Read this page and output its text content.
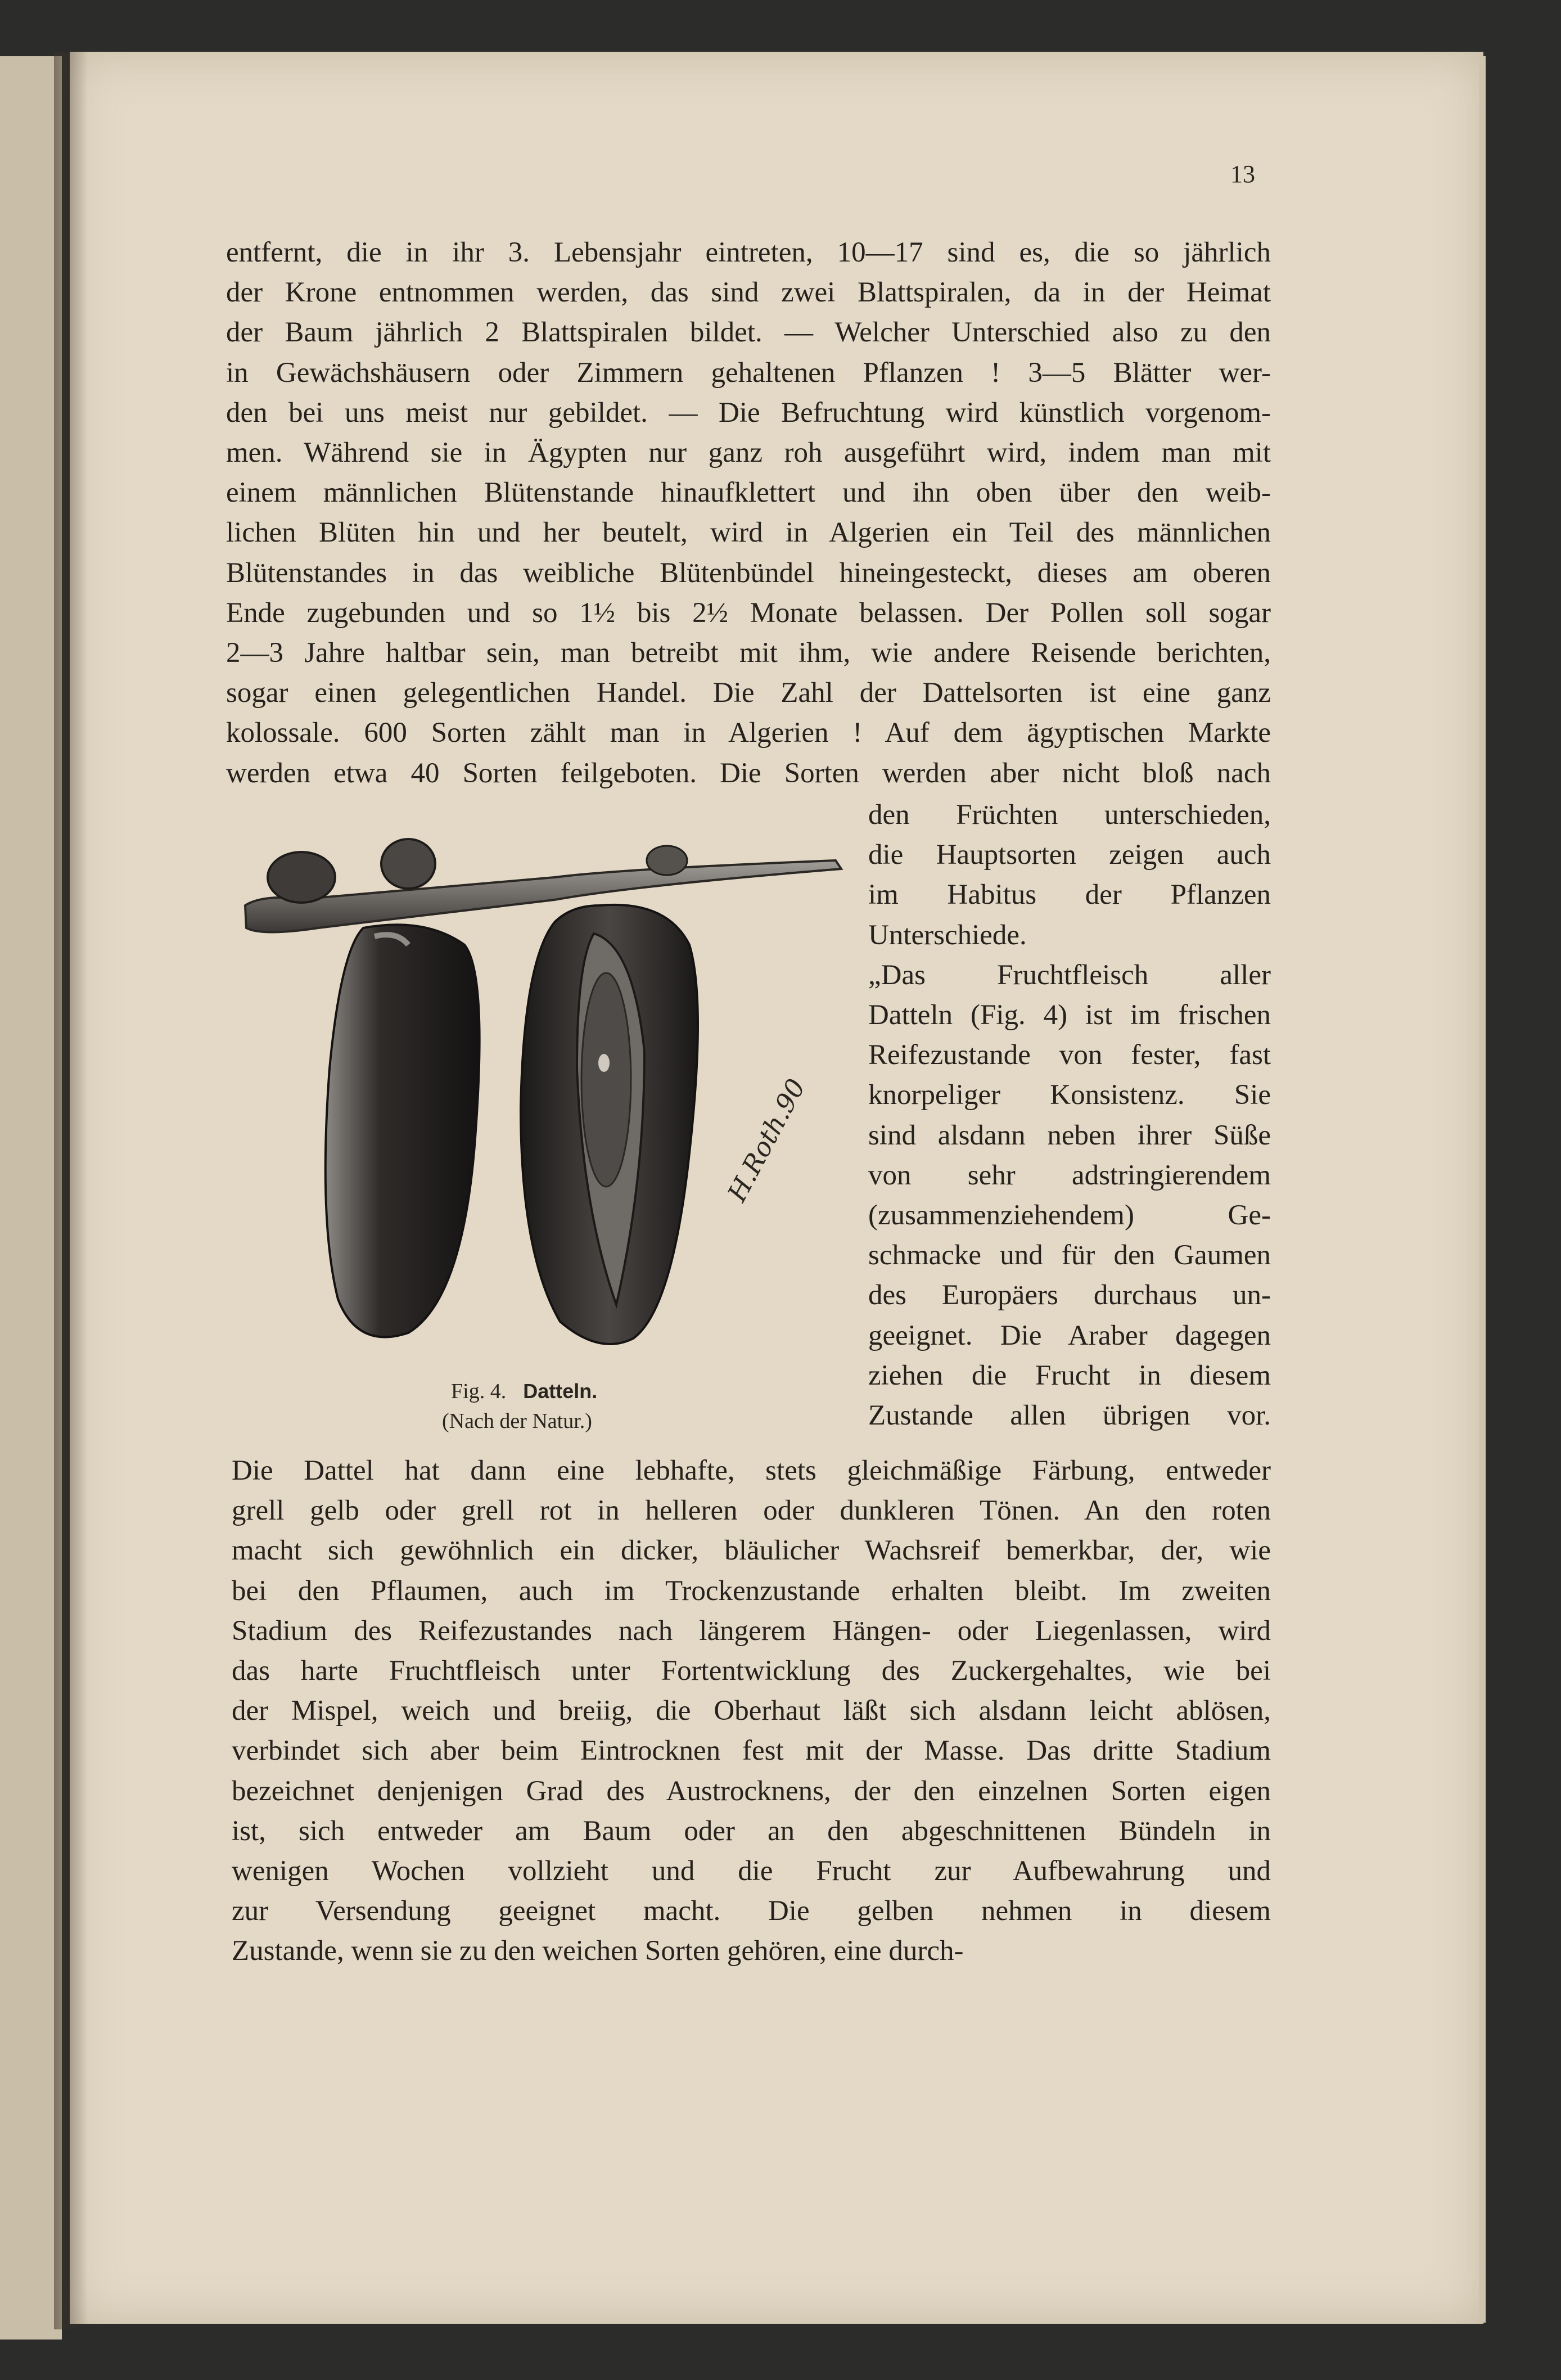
13
entfernt, die in ihr 3. Lebensjahr eintreten, 10—17 sind es, die so jährlich
der Krone entnommen werden, das sind zwei Blattspiralen, da in der Heimat
der Baum jährlich 2 Blattspiralen bildet. — Welcher Unterschied also zu den
in Gewächshäusern oder Zimmern gehaltenen Pflanzen ! 3—5 Blätter wer-
den bei uns meist nur gebildet. — Die Befruchtung wird künstlich vorgenom-
men. Während sie in Ägypten nur ganz roh ausgeführt wird, indem man mit
einem männlichen Blütenstande hinaufklettert und ihn oben über den weib-
lichen Blüten hin und her beutelt, wird in Algerien ein Teil des männlichen
Blütenstandes in das weibliche Blütenbündel hineingesteckt, dieses am oberen
Ende zugebunden und so 1½ bis 2½ Monate belassen. Der Pollen soll sogar
2—3 Jahre haltbar sein, man betreibt mit ihm, wie andere Reisende berichten,
sogar einen gelegentlichen Handel. Die Zahl der Dattelsorten ist eine ganz
kolossale. 600 Sorten zählt man in Algerien ! Auf dem ägyptischen Markte
werden etwa 40 Sorten feilgeboten. Die Sorten werden aber nicht bloß nach
den Früchten unterschieden,
die Hauptsorten zeigen auch
im Habitus der Pflanzen
Unterschiede.
„Das Fruchtfleisch aller
Datteln (Fig. 4) ist im frischen
Reifezustande von fester, fast
knorpeliger Konsistenz. Sie
sind alsdann neben ihrer Süße
von sehr adstringierendem
(zusammenziehendem) Ge-
schmacke und für den Gaumen
des Europäers durchaus un-
geeignet. Die Araber dagegen
ziehen die Frucht in diesem
Zustande allen übrigen vor.
Die Dattel hat dann eine lebhafte, stets gleichmäßige Färbung, entweder
grell gelb oder grell rot in helleren oder dunkleren Tönen. An den roten
macht sich gewöhnlich ein dicker, bläulicher Wachsreif bemerkbar, der, wie
bei den Pflaumen, auch im Trockenzustande erhalten bleibt. Im zweiten
Stadium des Reifezustandes nach längerem Hängen- oder Liegenlassen, wird
das harte Fruchtfleisch unter Fortentwicklung des Zuckergehaltes, wie bei
der Mispel, weich und breiig, die Oberhaut läßt sich alsdann leicht ablösen,
verbindet sich aber beim Eintrocknen fest mit der Masse. Das dritte Stadium
bezeichnet denjenigen Grad des Austrocknens, der den einzelnen Sorten eigen
ist, sich entweder am Baum oder an den abgeschnittenen Bündeln in
wenigen Wochen vollzieht und die Frucht zur Aufbewahrung und
zur Versendung geeignet macht. Die gelben nehmen in diesem
Zustande, wenn sie zu den weichen Sorten gehören, eine durch-
H.Roth.90
Fig. 4. Datteln.
(Nach der Natur.)
